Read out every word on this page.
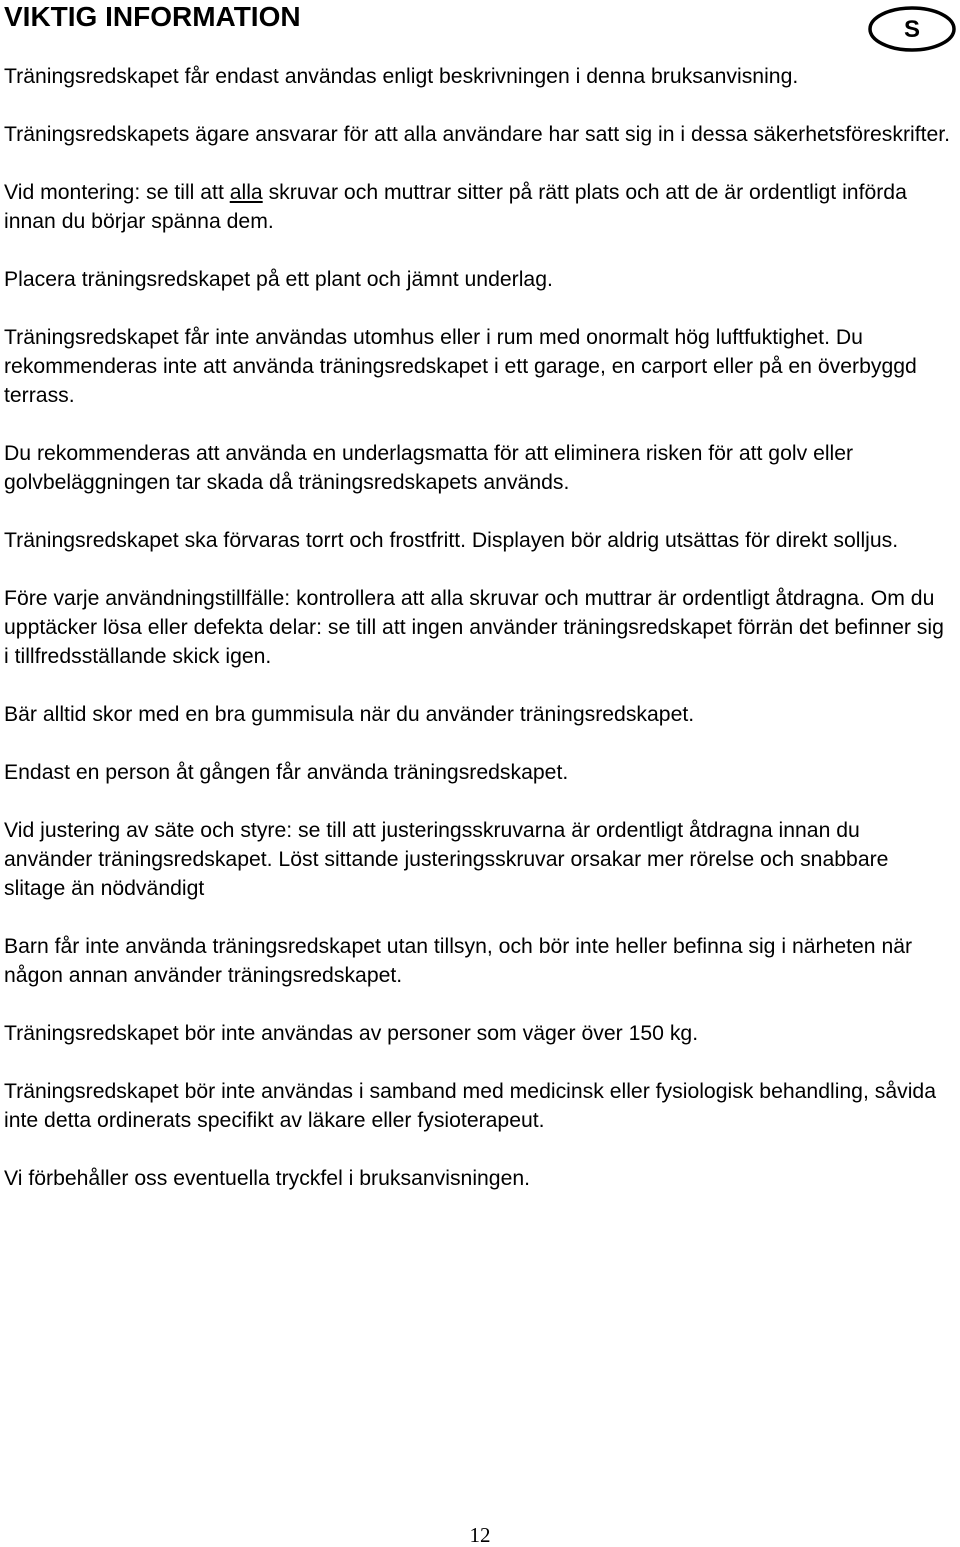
VIKTIG INFORMATION	S

Träningsredskapet får endast användas enligt beskrivningen i denna bruksanvisning.

Träningsredskapets ägare ansvarar för att alla användare har satt sig in i dessa säkerhetsföreskrifter.

Vid montering: se till att alla skruvar och muttrar sitter på rätt plats och att de är ordentligt införda innan du börjar spänna dem.

Placera träningsredskapet på ett plant och jämnt underlag.

Träningsredskapet får inte användas utomhus eller i rum med onormalt hög luftfuktighet. Du rekommenderas inte att använda träningsredskapet i ett garage, en carport eller på en överbyggd terrass.

Du rekommenderas att använda en underlagsmatta för att eliminera risken för att golv eller golvbeläggningen tar skada då träningsredskapets används.

Träningsredskapet ska förvaras torrt och frostfritt. Displayen bör aldrig utsättas för direkt solljus.

Före varje användningstillfälle: kontrollera att alla skruvar och muttrar är ordentligt åtdragna. Om du upptäcker lösa eller defekta delar: se till att ingen använder träningsredskapet förrän det befinner sig i tillfredsställande skick igen.

Bär alltid skor med en bra gummisula när du använder träningsredskapet.

Endast en person åt gången får använda träningsredskapet.

Vid justering av säte och styre: se till att justeringsskruvarna är ordentligt åtdragna innan du använder träningsredskapet. Löst sittande justeringsskruvar orsakar mer rörelse och snabbare slitage än nödvändigt

Barn får inte använda träningsredskapet utan tillsyn, och bör inte heller befinna sig i närheten när någon annan använder träningsredskapet.

Träningsredskapet bör inte användas av personer som väger över 150 kg.

Träningsredskapet bör inte användas i samband med medicinsk eller fysiologisk behandling, såvida inte detta ordinerats specifikt av läkare eller fysioterapeut.

Vi förbehåller oss eventuella tryckfel i bruksanvisningen.

12
